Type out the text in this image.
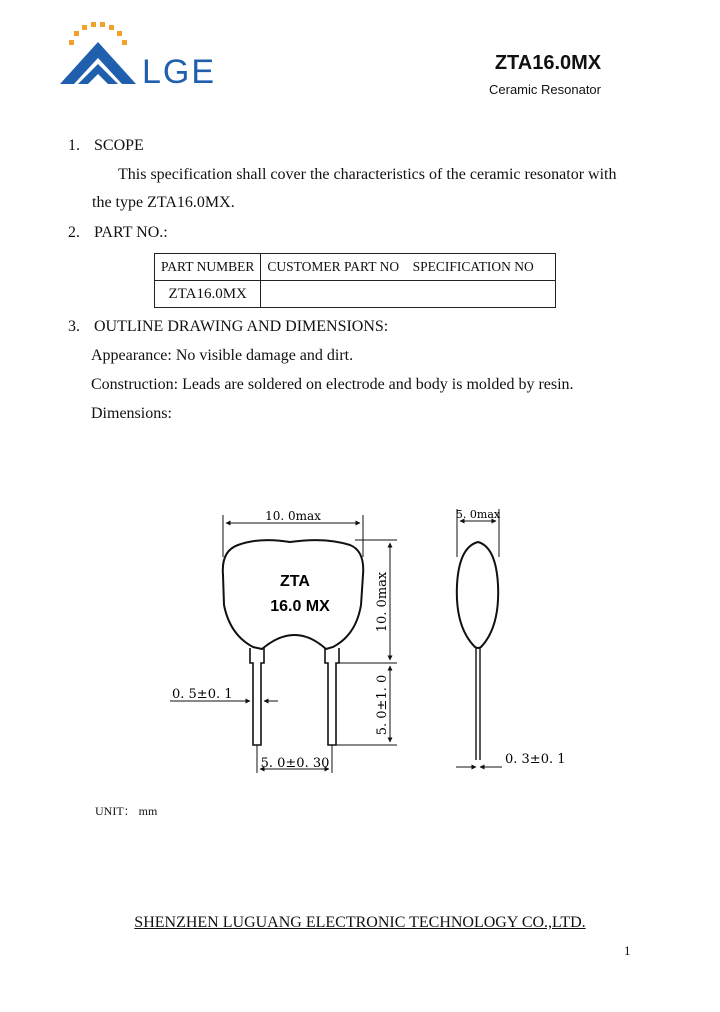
LGE	ZTA16.0MX
Ceramic Resonator
1. SCOPE
This specification shall cover the characteristics of the ceramic resonator with
the type ZTA16.0MX.
2. PART NO.:
PART NUMBER	CUSTOMER PART NO SPECIFICATION NO
ZTA16.0MX	
3. OUTLINE DRAWING AND DIMENSIONS:
Appearance: No visible damage and dirt.
Construction: Leads are soldered on electrode and body is molded by resin.
Dimensions:
ZTA
16.0 MX
10. 0max
10. 0max
5. 0±1. 0
0. 5±0. 1
5. 0±0. 30
5. 0max
0. 3±0. 1
UNIT： mm
SHENZHEN LUGUANG ELECTRONIC TECHNOLOGY CO.,LTD.
1
